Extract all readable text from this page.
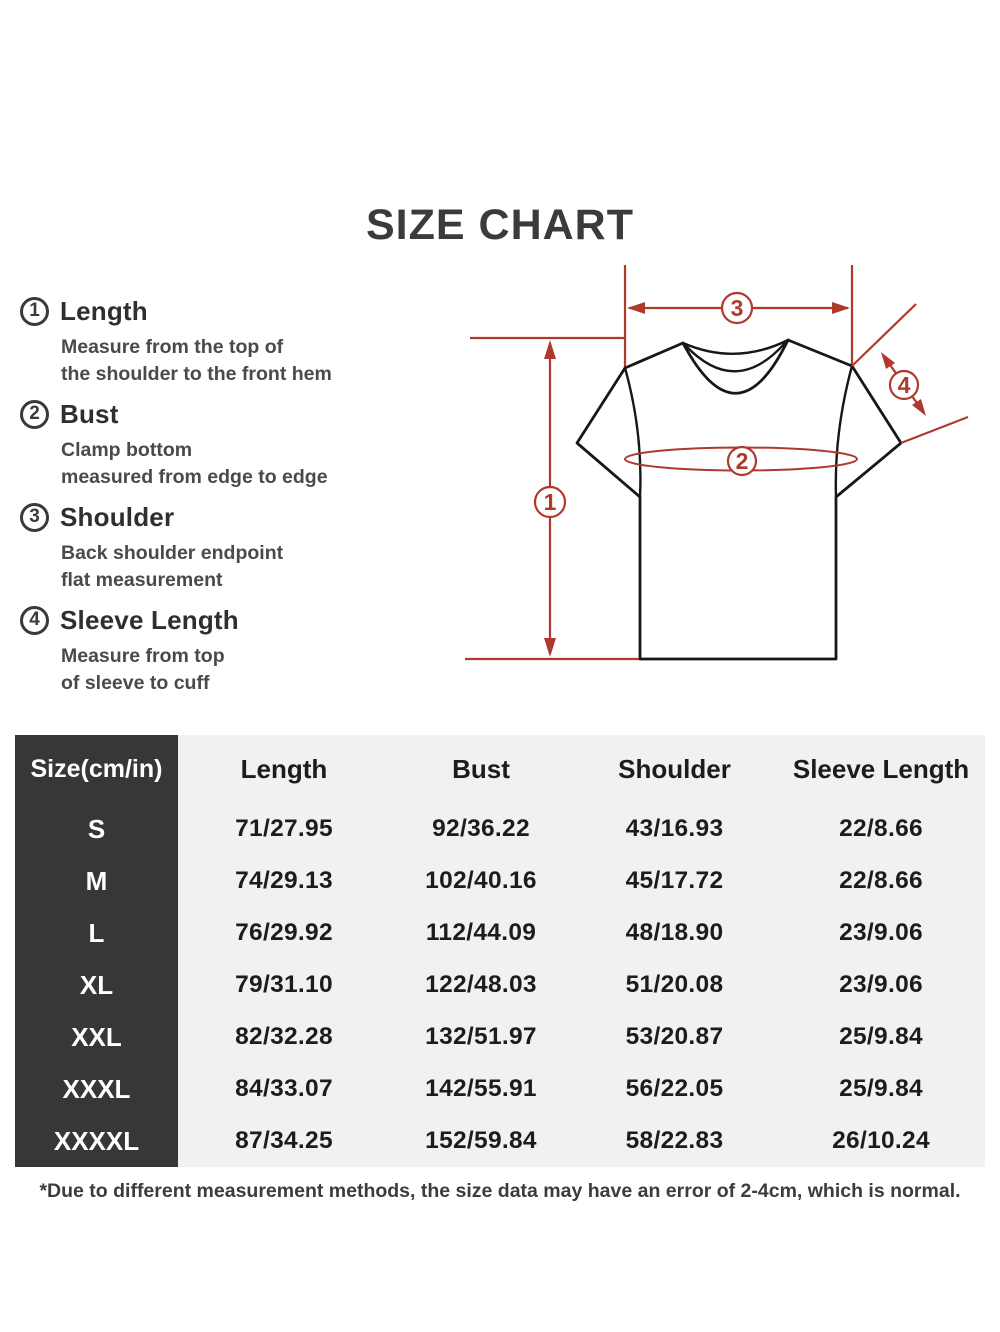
SIZE CHART
1 Length
Measure from the top of
the shoulder to the front hem
2 Bust
Clamp bottom
measured from edge to edge
3 Shoulder
Back shoulder endpoint
flat measurement
4 Sleeve Length
Measure from top
of sleeve to cuff
1
2
3
4
Size(cm/in)	Length	Bust	Shoulder	Sleeve Length
S	71/27.95	92/36.22	43/16.93	22/8.66
M	74/29.13	102/40.16	45/17.72	22/8.66
L	76/29.92	112/44.09	48/18.90	23/9.06
XL	79/31.10	122/48.03	51/20.08	23/9.06
XXL	82/32.28	132/51.97	53/20.87	25/9.84
XXXL	84/33.07	142/55.91	56/22.05	25/9.84
XXXXL	87/34.25	152/59.84	58/22.83	26/10.24

*Due to different measurement methods, the size data may have an error of 2-4cm, which is normal.
